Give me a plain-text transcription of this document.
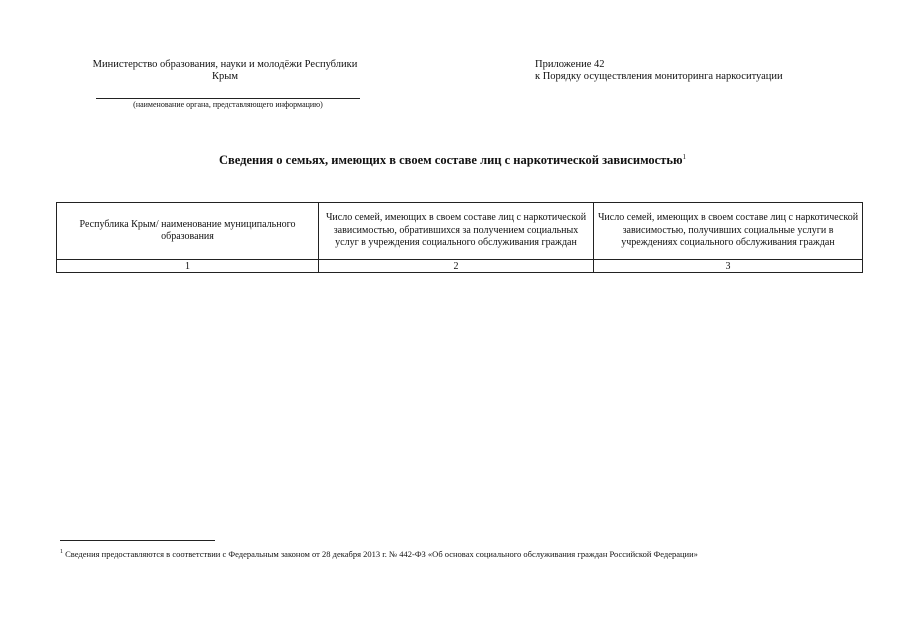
Министерство образования, науки и молодёжи Республики Крым
(наименование органа, представляющего информацию)
Приложение 42
к Порядку осуществления мониторинга наркоситуации
Сведения о семьях, имеющих в своем составе лиц с наркотической зависимостью$^1$
Республика Крым/ наименование муниципального образования	Число семей, имеющих в своем составе лиц с наркотической зависимостью, обратившихся за получением социальных услуг в учреждения социального обслуживания граждан	Число семей, имеющих в своем составе лиц с наркотической зависимостью, получивших социальные услуги в учреждениях социального обслуживания граждан
1	2	3
$^1$ Сведения предоставляются в соответствии с Федеральным законом от 28 декабря 2013 г. № 442-ФЗ «Об основах социального обслуживания граждан Российской Федерации»
